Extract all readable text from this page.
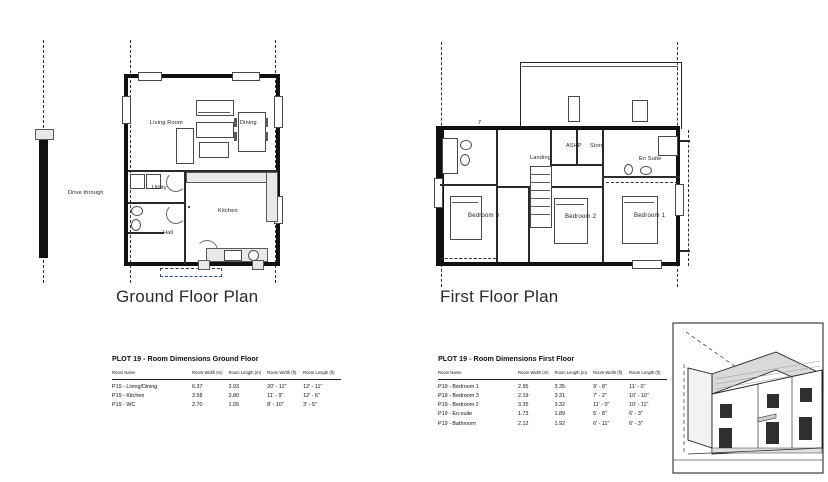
Living Room	Dining
Utility
Kitchen
Hall
Drive through
Ground Floor Plan
Landing
ASHP Store
En Suite
Bedroom 3	Bedroom 2	Bedroom 1
7
First Floor Plan
PLOT 19 - Room Dimensions Ground Floor
Room Name	Room Width (m)	Room Length (m)	Room Width (ft)	Room Length (ft)
P19 - Living/Dining	6.37	3.93	20' - 11"	12' - 11"
P19 - Kitchen	3.58	3.80	11' - 9"	12' - 6"
P19 - WC	2.70	1.05	8' - 10"	3' - 5"
PLOT 19 - Room Dimensions First Floor
Room Name	Room Width (m)	Room Length (m)	Room Width (ft)	Room Length (ft)
P19 - Bedroom 1	2.95	3.35	9' - 8"	11' - 0"
P19 - Bedroom 3	2.19	3.31	7' - 2"	10' - 10"
P19 - Bedroom 2	3.35	3.32	11' - 0"	10' - 11"
P19 - En-suite	1.73	1.89	5' - 8"	6' - 3"
P19 - Bathroom	2.12	1.92	6' - 11"	6' - 3"
